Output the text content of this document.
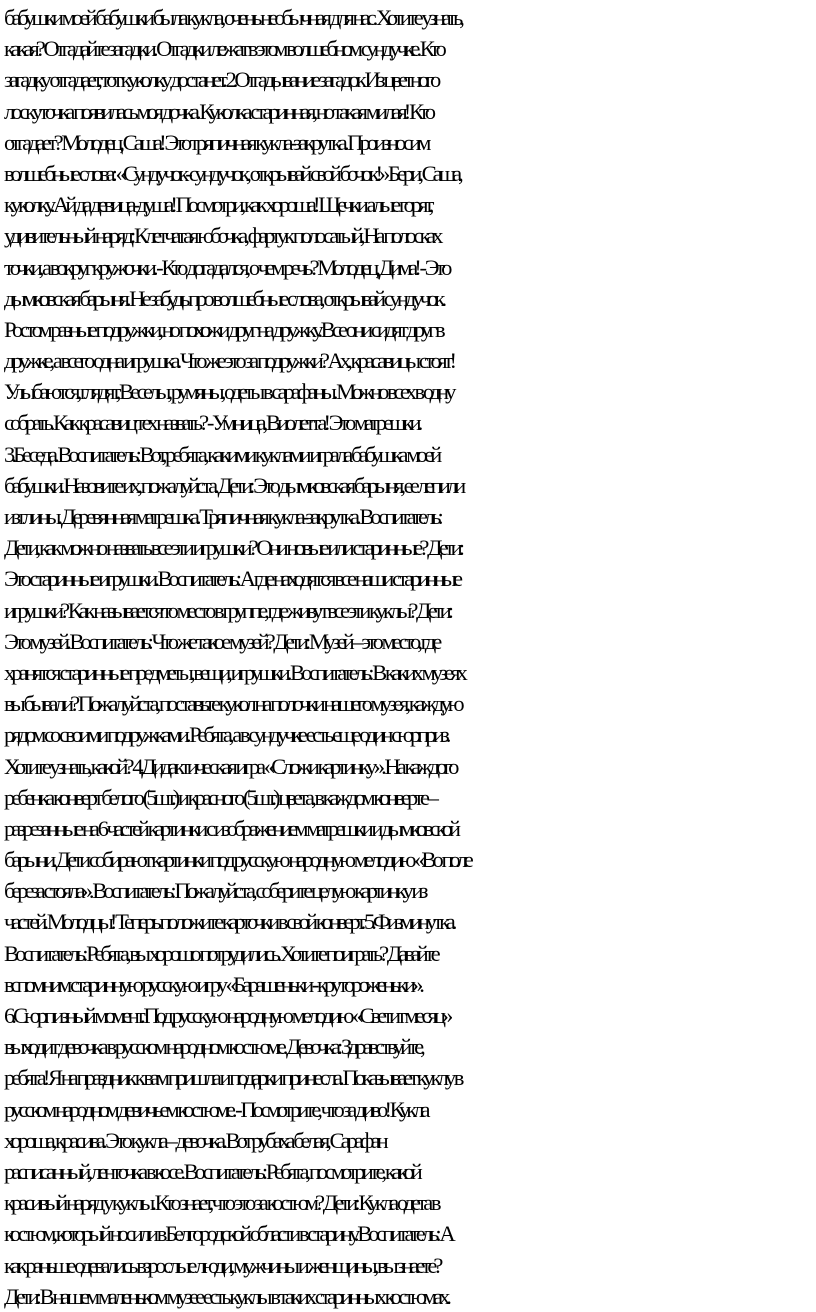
бабушки моей бабушки была кукла, очень необычная для нас. Хотите узнать,
какая? Отгадайте загадки. Отгадки лежат в этом волшебном сундучке. Кто
загадку отгадает, тот куколку достанет. 2.Отгадывание загадок Из цветного
лоскуточка появилась моя дочка. Куколка старинная, но такая милая! Кто
отгадает? Молодец, Саша! Это тряпичная кукла-закрутка. Произносим
волшебные слова: «Сундучок-сундучок, открывай свой бочок!» Бери, Саша,
куколку. Ай да девица-душа! Посмотри, как хороша! Щечки алые горят,
удивительный наряд: Клетчатая юбочка, фартук полосатый, На полосках
точки, а вокруг кружочки. - Кто догадался, о чем речь? Молодец, Дима! - Это
дымковская барыня. Не забудь про волшебные слова, открывай сундучок.
Ростом разные подружки, но похожи друг на дружку. Все они сидят друг в
дружке, а всего одна игрушка. Что же это за подружки? Ах, красавицы стоят!
Улыбаются, глядят, Веселы, румяны, одеты в сарафаны. Можно всех в одну
собрать. Как красавиц тех назвать? - Умница, Виолетта! Это матрешки.
3.Беседа. Воспитатель: Вот, ребята, какими куклами играла бабушка моей
бабушки. Назовите их, пожалуйста. Дети: Это дымковская барыня, ее лепили
из глины. Деревянная матрешка. Тряпичная кукла-закрутка. Воспитатель:
Дети, как можно назвать все эти игрушки? Они новые или старинные? Дети:
Это старинные игрушки. Воспитатель: А где находятся все наши старинные
игрушки? Как называется то место в группе, где живут все эти куклы? Дети:
Это музей. Воспитатель: Что же такое музей? Дети: Музей – это место, где
хранятся старинные предметы, вещи, игрушки. Воспитатель: В каких музеях
вы бывали? Пожалуйста, поставьте кукол на полочки нашего музея, каждую
рядом со своими подружками. Ребята, а в сундучке есть еще один сюрприз.
Хотите узнать, какой? 4.Дидактическая игра «Сложи картинку». На каждого
ребенка конверт белого (5шт.) и красного (5шт.) цвета, в каждом конверте –
разрезанные на 6 частей картинки с изображением матрешки и дымковской
барыни. Дети собирают картинки под русскую народную мелодию «Во поле
береза стояла». Воспитатель: Пожалуйста, соберите целую картинку из
частей. Молодцы! Теперь положите карточки в свой конверт. 5.Физминутка.
Воспитатель: Ребята, вы хорошо потрудились. Хотите поиграть? Давайте
вспомним старинную русскую игру «Барашеньки - крутороженьки».
6.Сюрпизный момент. Под русскую народную мелодию «Светит месяц»
выходит девочка в русском народном костюме. Девочка: Здравствуйте,
ребята! Я на праздник к вам пришла и подарки принесла. Показывает куклу в
русском народном девичьем костюме. - Посмотрите, что за диво! Кукла
хороша, красива. Это кукла – девочка. Вот рубаха белая, Сарафан
расписанный, ленточка в косе. Воспитатель: Ребята, посмотрите, какой
красивый наряд у куклы. Кто знает, что это за костюм? Дети: Кукла одета в
костюм, который носили в Белгородской области в старину. Воспитатель: А
как раньше одевались взрослые люди, мужчины и женщины, вы знаете?
Дети: В нашем маленьком музее есть куклы в таких старинных костюмах.
